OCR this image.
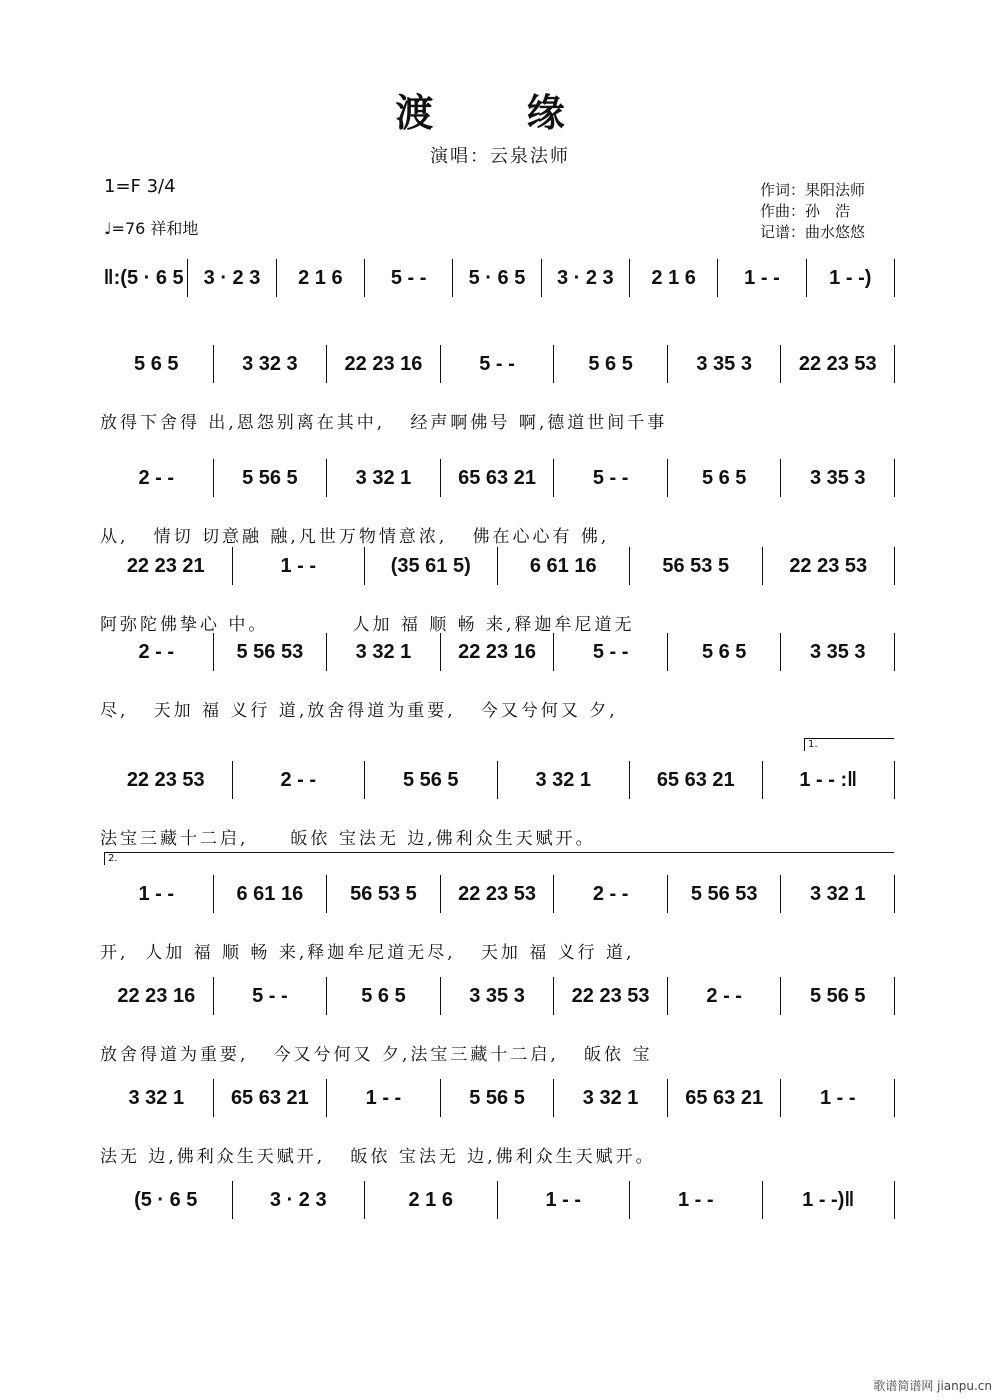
渡 缘
演唱：云泉法师
1=F 3/4
♩=76 祥和地
作词：果阳法师
作曲：孙　浩
记谱：曲水悠悠
‖:(5 · 6 5 3 · 2 3	2 1 6	5 - -	5 · 6 5	3 · 2 3	2 1 6	1 - -	1 - -)
5 6 5	3 32 3	22 23 16	5 - -	5 6 5	3 35 3	22 23 53
放得下舍得 出,恩怨别离在其中,   经声啊佛号 啊,德道世间千事
2 - -	5 56 5	3 32 1	65 63 21	5 - -	5 6 5	3 35 3
从,   情切 切意融 融,凡世万物情意浓,   佛在心心有 佛,
22 23 21	1 - -	(35 61 5)	6 61 16	56 53 5	22 23 53
阿弥陀佛挚心 中。          人加 福 顺 畅 来,释迦牟尼道无
2 - -	5 56 53	3 32 1	22 23 16	5 - -	5 6 5	3 35 3
尽,   天加 福 义行 道,放舍得道为重要,   今又兮何又 夕,
22 23 53	2 - -	5 56 5	3 32 1	65 63 21	1 - - :‖
法宝三藏十二启,     皈依 宝法无 边,佛利众生天赋开。
1 - -	6 61 16	56 53 5	22 23 53	2 - -	5 56 53	3 32 1
开,  人加 福 顺 畅 来,释迦牟尼道无尽,   天加 福 义行 道,
22 23 16	5 - -	5 6 5	3 35 3	22 23 53	2 - -	5 56 5
放舍得道为重要,   今又兮何又 夕,法宝三藏十二启,   皈依 宝
3 32 1	65 63 21	1 - -	5 56 5	3 32 1	65 63 21	1 - -
法无 边,佛利众生天赋开,   皈依 宝法无 边,佛利众生天赋开。
(5 · 6 5	3 · 2 3	2 1 6	1 - -	1 - -	1 - -)‖
1.
2.
歌谱简谱网 jianpu.cn
